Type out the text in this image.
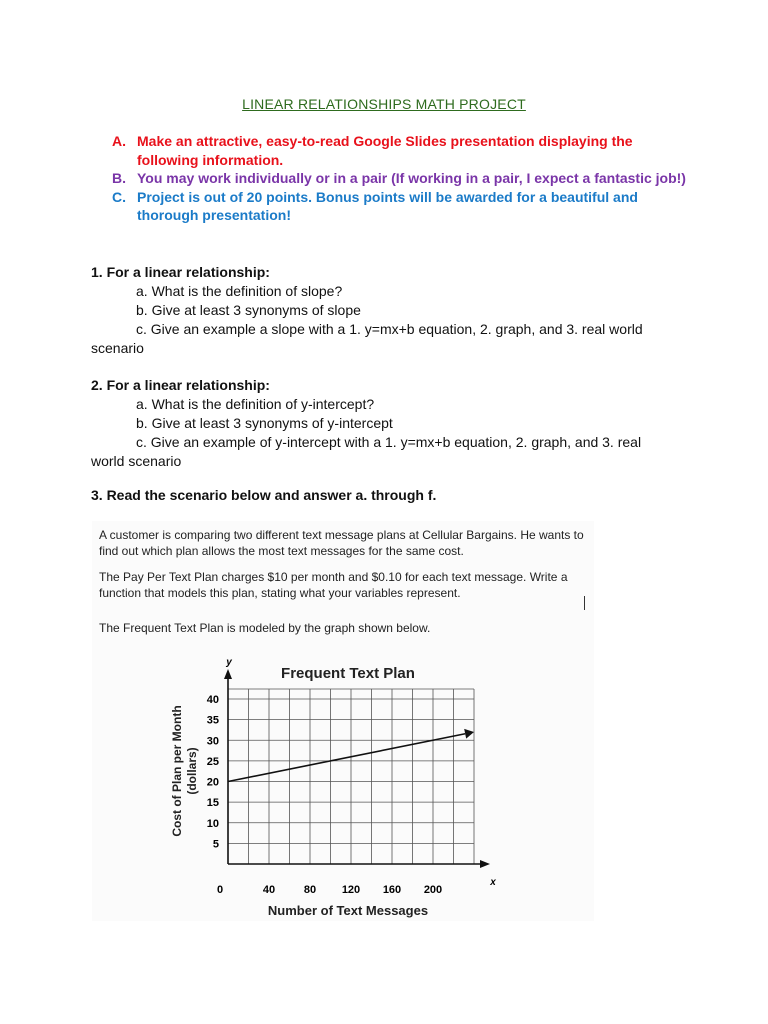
LINEAR RELATIONSHIPS MATH PROJECT
A. Make an attractive, easy-to-read Google Slides presentation displaying the following information.
B. You may work individually or in a pair (If working in a pair, I expect a fantastic job!)
C. Project is out of 20 points. Bonus points will be awarded for a beautiful and thorough presentation!
1. For a linear relationship:
a. What is the definition of slope?
b. Give at least 3 synonyms of slope
c. Give an example a slope with a 1. y=mx+b equation, 2. graph, and 3. real world scenario
2. For a linear relationship:
a. What is the definition of y-intercept?
b. Give at least 3 synonyms of y-intercept
c. Give an example of y-intercept with a 1. y=mx+b equation, 2. graph, and 3. real world scenario
3. Read the scenario below and answer a. through f.

A customer is comparing two different text message plans at Cellular Bargains. He wants to find out which plan allows the most text messages for the same cost.

The Pay Per Text Plan charges $10 per month and $0.10 for each text message. Write a function that models this plan, stating what your variables represent.

The Frequent Text Plan is modeled by the graph shown below.

Frequent Text Plan
y
x
0
Number of Text Messages
Cost of Plan per Month (dollars)
40	80 120 160 200
5
10
15
20
25
30
35
40
